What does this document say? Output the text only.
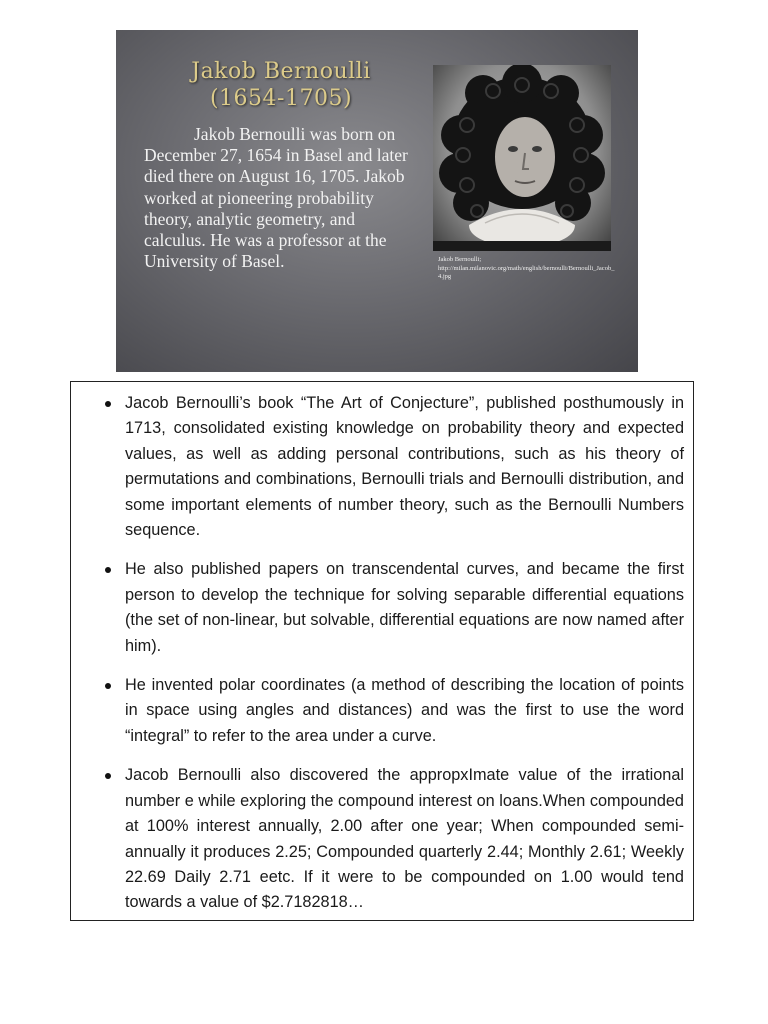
Jakob Bernoulli
(1654-1705)
Jakob Bernoulli was born on December 27, 1654 in Basel and later died there on August 16, 1705. Jakob worked at pioneering probability theory, analytic geometry, and calculus. He was a professor at the University of Basel.	Jakob Bernoulli;
http://milan.milanovic.org/math/english/bernoulli/Bernoulli_Jacob_4.jpg
Jacob Bernoulli’s book “The Art of Conjecture”, published posthumously in 1713, consolidated existing knowledge on probability theory and expected values, as well as adding personal contributions, such as his theory of permutations and combinations, Bernoulli trials and Bernoulli distribution, and some important elements of number theory, such as the Bernoulli Numbers sequence.
He also published papers on transcendental curves, and became the first person to develop the technique for solving separable differential equations (the set of non-linear, but solvable, differential equations are now named after him).
He invented polar coordinates (a method of describing the location of points in space using angles and distances) and was the first to use the word “integral” to refer to the area under a curve.
Jacob Bernoulli also discovered the appropxImate value of the irrational number e while exploring the compound interest on loans.When compounded at 100% interest annually, 2.00 after one year; When compounded semi-annually it produces 2.25; Compounded quarterly 2.44; Monthly 2.61; Weekly 22.69 Daily 2.71 eetc. If it were to be compounded on 1.00 would tend towards a value of $2.7182818…
